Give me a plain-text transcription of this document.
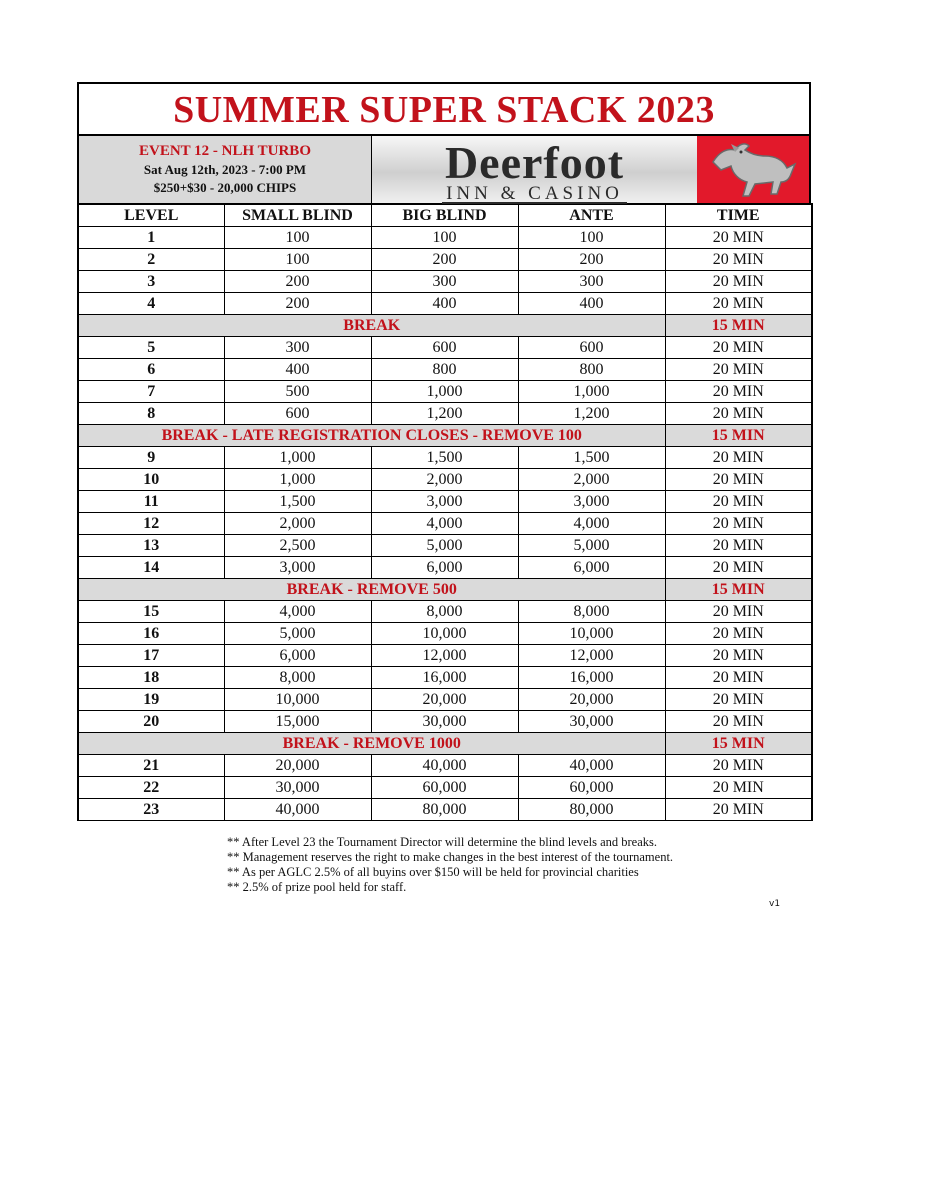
SUMMER SUPER STACK 2023
EVENT 12 - NLH TURBO
Sat Aug 12th, 2023 - 7:00 PM
$250+$30 - 20,000 CHIPS	Deerfoot
INN & CASINO
LEVEL	SMALL BLIND	BIG BLIND	ANTE	TIME
1	100	100	100	20 MIN
2	100	200	200	20 MIN
3	200	300	300	20 MIN
4	200	400	400	20 MIN
BREAK				15 MIN
5	300	600	600	20 MIN
6	400	800	800	20 MIN
7	500	1,000	1,000	20 MIN
8	600	1,200	1,200	20 MIN
BREAK - LATE REGISTRATION CLOSES - REMOVE 100				15 MIN
9	1,000	1,500	1,500	20 MIN
10	1,000	2,000	2,000	20 MIN
11	1,500	3,000	3,000	20 MIN
12	2,000	4,000	4,000	20 MIN
13	2,500	5,000	5,000	20 MIN
14	3,000	6,000	6,000	20 MIN
BREAK - REMOVE 500				15 MIN
15	4,000	8,000	8,000	20 MIN
16	5,000	10,000	10,000	20 MIN
17	6,000	12,000	12,000	20 MIN
18	8,000	16,000	16,000	20 MIN
19	10,000	20,000	20,000	20 MIN
20	15,000	30,000	30,000	20 MIN
BREAK - REMOVE 1000				15 MIN
21	20,000	40,000	40,000	20 MIN
22	30,000	60,000	60,000	20 MIN
23	40,000	80,000	80,000	20 MIN
** After Level 23 the Tournament Director will determine the blind levels and breaks.
** Management reserves the right to make changes in the best interest of the tournament.
** As per AGLC 2.5% of all buyins over $150 will be held for provincial charities
** 2.5% of prize pool held for staff.
v1
